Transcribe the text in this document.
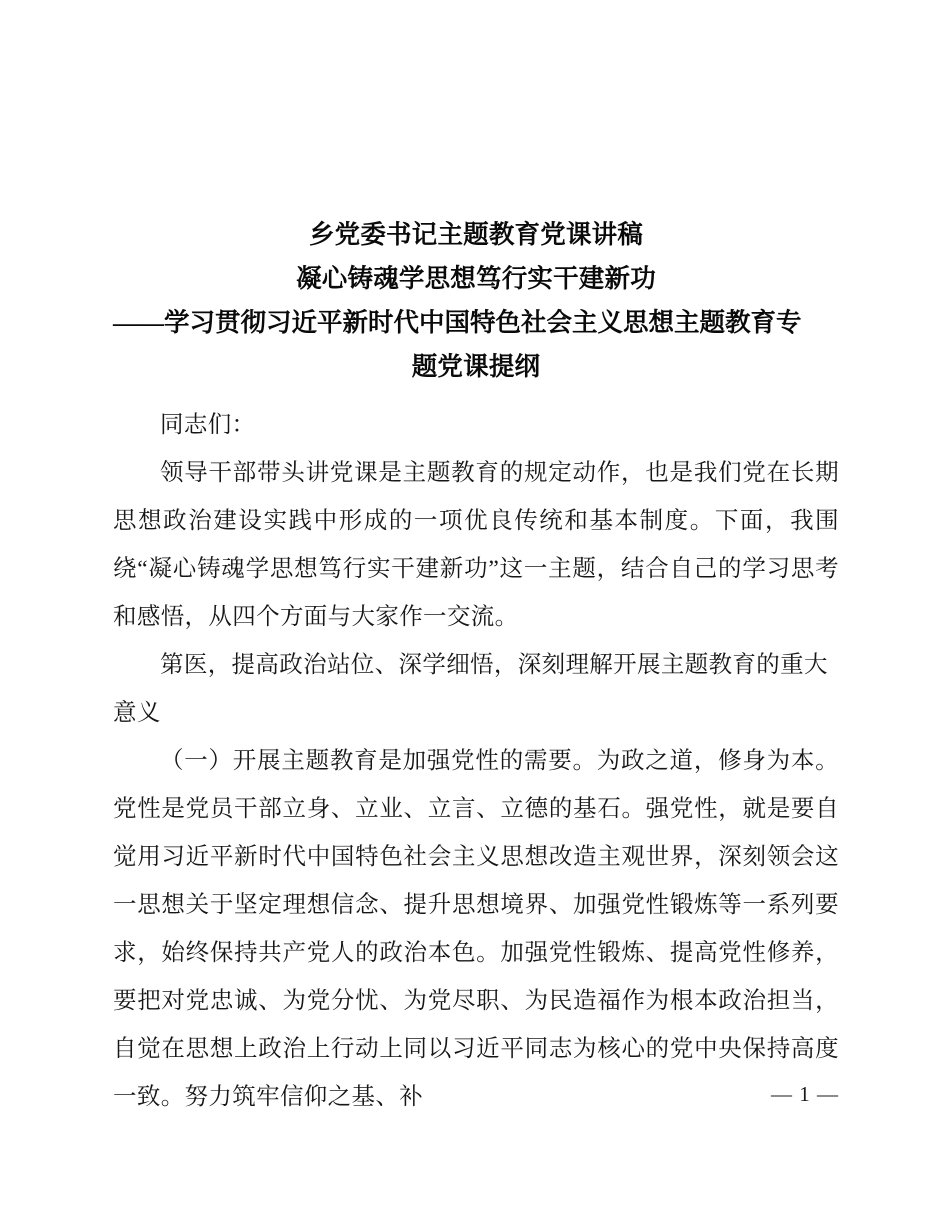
乡党委书记主题教育党课讲稿
凝心铸魂学思想笃行实干建新功
——学习贯彻习近平新时代中国特色社会主义思想主题教育专
题党课提纲

同志们：

领导干部带头讲党课是主题教育的规定动作，也是我们党在长期思想政治建设实践中形成的一项优良传统和基本制度。下面，我围绕“凝心铸魂学思想笃行实干建新功”这一主题，结合自己的学习思考和感悟，从四个方面与大家作一交流。

第医，提高政治站位、深学细悟，深刻理解开展主题教育的重大意义

（一）开展主题教育是加强党性的需要。为政之道，修身为本。党性是党员干部立身、立业、立言、立德的基石。强党性，就是要自觉用习近平新时代中国特色社会主义思想改造主观世界，深刻领会这一思想关于坚定理想信念、提升思想境界、加强党性锻炼等一系列要求，始终保持共产党人的政治本色。加强党性锻炼、提高党性修养，要把对党忠诚、为党分忧、为党尽职、为民造福作为根本政治担当，自觉在思想上政治上行动上同以习近平同志为核心的党中央保持高度一致。努力筑牢信仰之基、补	— 1 —
